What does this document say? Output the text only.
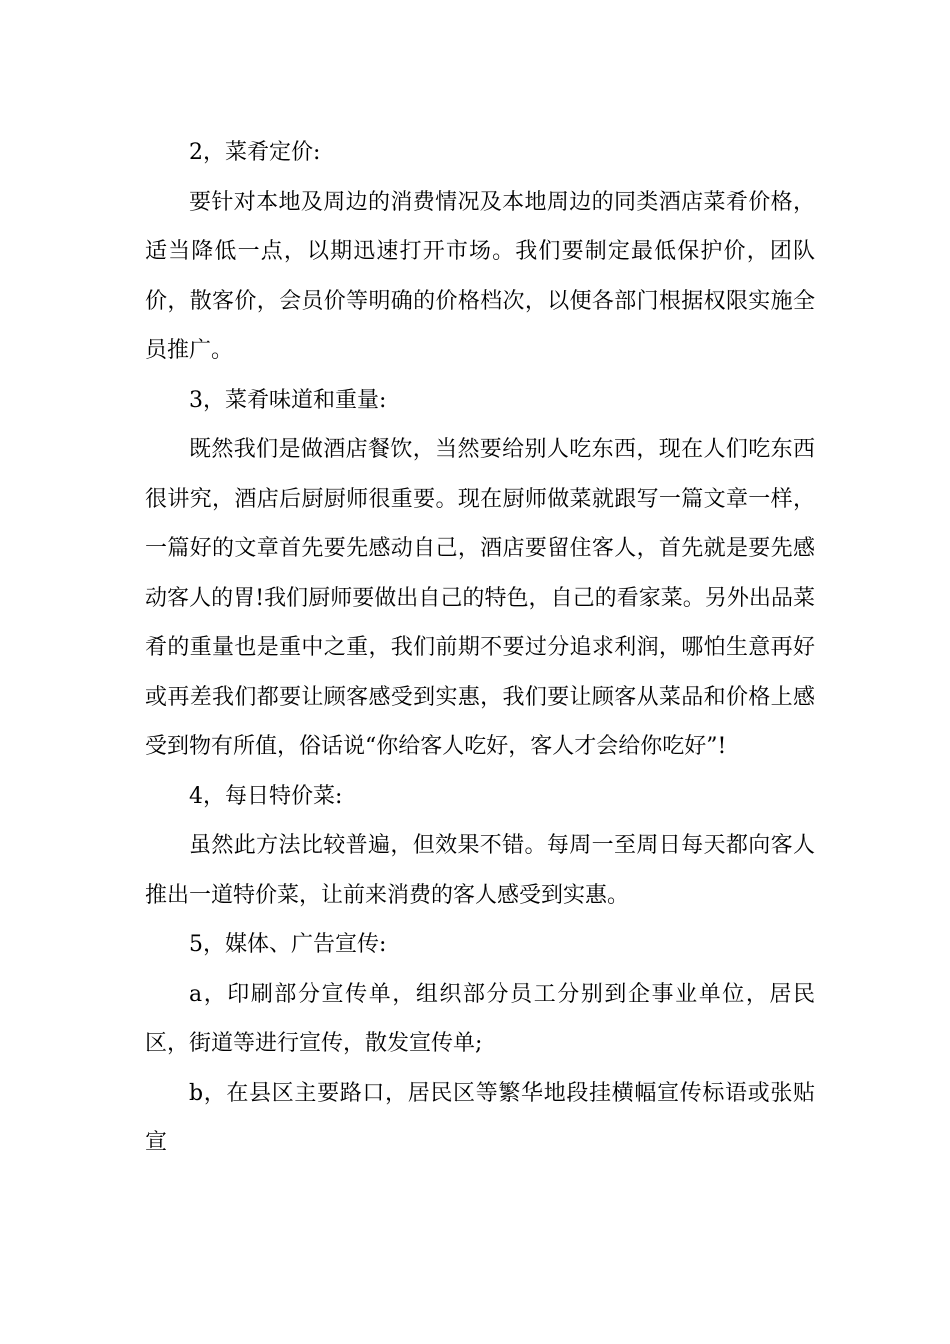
2，菜肴定价:

要针对本地及周边的消费情况及本地周边的同类酒店菜肴价格，适当降低一点，以期迅速打开市场。我们要制定最低保护价，团队价，散客价，会员价等明确的价格档次，以便各部门根据权限实施全员推广。

3，菜肴味道和重量:

既然我们是做酒店餐饮，当然要给别人吃东西，现在人们吃东西很讲究，酒店后厨厨师很重要。现在厨师做菜就跟写一篇文章一样，一篇好的文章首先要先感动自己，酒店要留住客人，首先就是要先感动客人的胃!我们厨师要做出自己的特色，自己的看家菜。另外出品菜肴的重量也是重中之重，我们前期不要过分追求利润，哪怕生意再好或再差我们都要让顾客感受到实惠，我们要让顾客从菜品和价格上感受到物有所值，俗话说“你给客人吃好，客人才会给你吃好”!

4，每日特价菜:

虽然此方法比较普遍，但效果不错。每周一至周日每天都向客人推出一道特价菜，让前来消费的客人感受到实惠。

5，媒体、广告宣传:

a，印刷部分宣传单，组织部分员工分别到企事业单位，居民区，街道等进行宣传，散发宣传单;

b，在县区主要路口，居民区等繁华地段挂横幅宣传标语或张贴宣
